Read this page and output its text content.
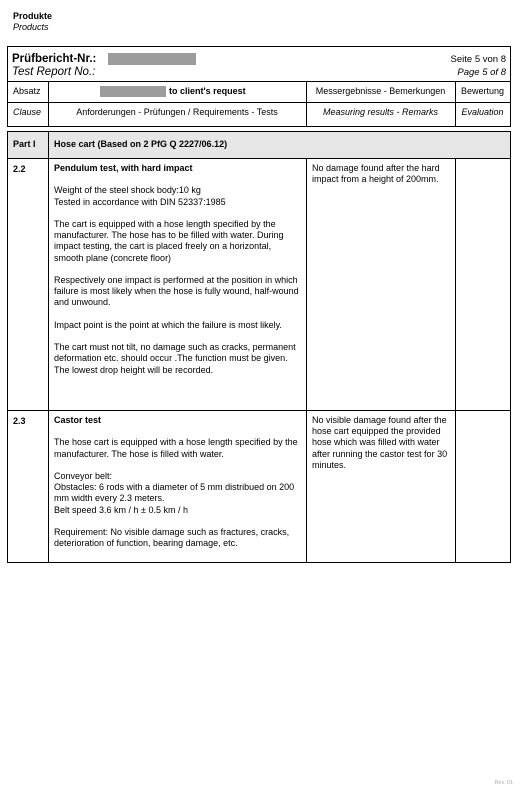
Produkte
Products
Prüfbericht-Nr.:
Test Report No.:
Seite 5 von 8
Page 5 of 8
Absatz
Clause
to client's request
Anforderungen - Prüfungen / Requirements - Tests
Messergebnisse - Bemerkungen
Measuring results - Remarks
Bewertung
Evaluation
Part I Hose cart (Based on 2 PfG Q 2227/06.12)
2.2	Pendulum test, with hard impact

Weight of the steel shock body:10 kg
Tested in accordance with DIN 52337:1985

The cart is equipped with a hose length specified by the manufacturer. The hose has to be filled with water. During impact testing, the cart is placed freely on a horizontal, smooth plane (concrete floor)

Respectively one impact is performed at the position in which failure is most likely when the hose is fully wound, half-wound and unwound.

Impact point is the point at which the failure is most likely.

The cart must not tilt, no damage such as cracks, permanent deformation etc. should occur .The function must be given.
The lowest drop height will be recorded.

No damage found after the hard impact from a height of 200mm.
2.3	Castor test

The hose cart is equipped with a hose length specified by the manufacturer. The hose is filled with water.

Conveyor belt:
Obstacles: 6 rods with a diameter of 5 mm distribued on 200 mm width every 2.3 meters.
Belt speed 3.6 km / h ± 0.5 km / h

Requirement: No visible damage such as fractures, cracks, deterioration of function, bearing damage, etc.

No visible damage found after the hose cart equipped the provided hose which was filled with water after running the castor test for 30 minutes.
Rev. 01
